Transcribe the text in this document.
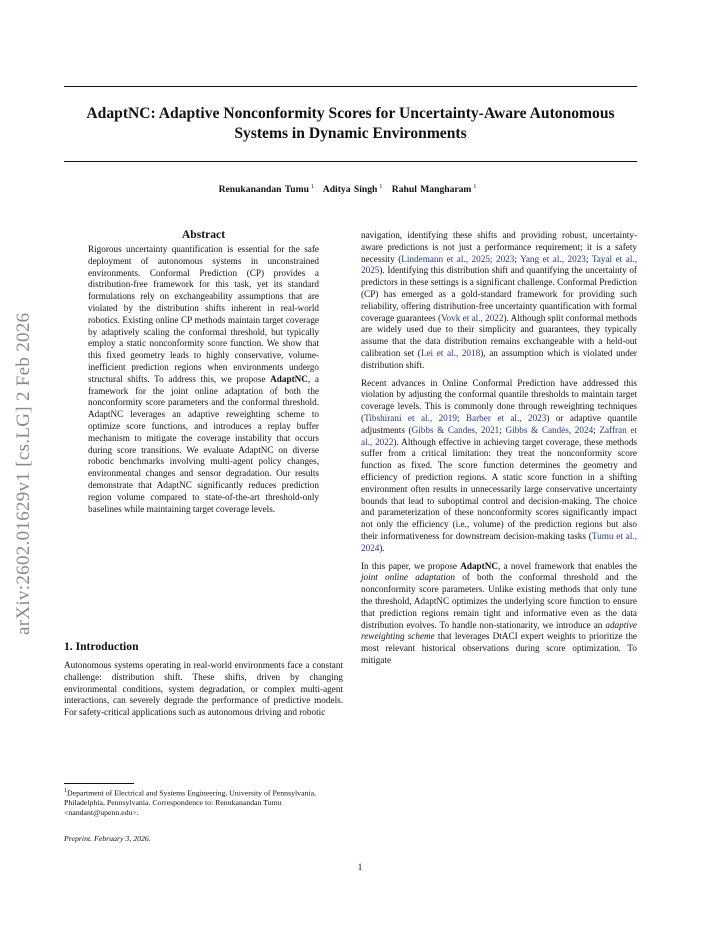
arXiv:2602.01629v1 [cs.LG] 2 Feb 2026
AdaptNC: Adaptive Nonconformity Scores for Uncertainty-Aware Autonomous
Systems in Dynamic Environments
Renukanandan Tumu $^1$ Aditya Singh $^1$ Rahul Mangharam $^1$
Abstract
Rigorous uncertainty quantification is essential for the safe deployment of autonomous systems in unconstrained environments. Conformal Prediction (CP) provides a distribution-free framework for this task, yet its standard formulations rely on exchangeability assumptions that are violated by the distribution shifts inherent in real-world robotics. Existing online CP methods maintain target coverage by adaptively scaling the conformal threshold, but typically employ a static nonconformity score function. We show that this fixed geometry leads to highly conservative, volume-inefficient prediction regions when environments undergo structural shifts. To address this, we propose AdaptNC, a framework for the joint online adaptation of both the nonconformity score parameters and the conformal threshold. AdaptNC leverages an adaptive reweighting scheme to optimize score functions, and introduces a replay buffer mechanism to mitigate the coverage instability that occurs during score transitions. We evaluate AdaptNC on diverse robotic benchmarks involving multi-agent policy changes, environmental changes and sensor degradation. Our results demonstrate that AdaptNC significantly reduces prediction region volume compared to state-of-the-art threshold-only baselines while maintaining target coverage levels.
1. Introduction
Autonomous systems operating in real-world environments face a constant challenge: distribution shift. These shifts, driven by changing environmental conditions, system degradation, or complex multi-agent interactions, can severely degrade the performance of predictive models. For safety-critical applications such as autonomous driving and robotic
$^1$Department of Electrical and Systems Engineering, University of Pennsylvania, Philadelphia, Pennsylvania. Correspondence to: Renukanandan Tumu <nandant@upenn.edu>.
Preprint. February 3, 2026.

navigation, identifying these shifts and providing robust, uncertainty-aware predictions is not just a performance requirement; it is a safety necessity (Lindemann et al., 2025; 2023; Yang et al., 2023; Tayal et al., 2025). Identifying this distribution shift and quantifying the uncertainty of predictors in these settings is a significant challenge. Conformal Prediction (CP) has emerged as a gold-standard framework for providing such reliability, offering distribution-free uncertainty quantification with formal coverage guarantees (Vovk et al., 2022). Although split conformal methods are widely used due to their simplicity and guarantees, they typically assume that the data distribution remains exchangeable with a held-out calibration set (Lei et al., 2018), an assumption which is violated under distribution shift.

Recent advances in Online Conformal Prediction have addressed this violation by adjusting the conformal quantile thresholds to maintain target coverage levels. This is commonly done through reweighting techniques (Tibshirani et al., 2019; Barber et al., 2023) or adaptive quantile adjustments (Gibbs & Candes, 2021; Gibbs & Candès, 2024; Zaffran et al., 2022). Although effective in achieving target coverage, these methods suffer from a critical limitation: they treat the nonconformity score function as fixed. The score function determines the geometry and efficiency of prediction regions. A static score function in a shifting environment often results in unnecessarily large conservative uncertainty bounds that lead to suboptimal control and decision-making. The choice and parameterization of these nonconformity scores significantly impact not only the efficiency (i.e., volume) of the prediction regions but also their informativeness for downstream decision-making tasks (Tumu et al., 2024).

In this paper, we propose AdaptNC, a novel framework that enables the joint online adaptation of both the conformal threshold and the nonconformity score parameters. Unlike existing methods that only tune the threshold, AdaptNC optimizes the underlying score function to ensure that prediction regions remain tight and informative even as the data distribution evolves. To handle non-stationarity, we introduce an adaptive reweighting scheme that leverages DtACI expert weights to prioritize the most relevant historical observations during score optimization. To mitigate

1
